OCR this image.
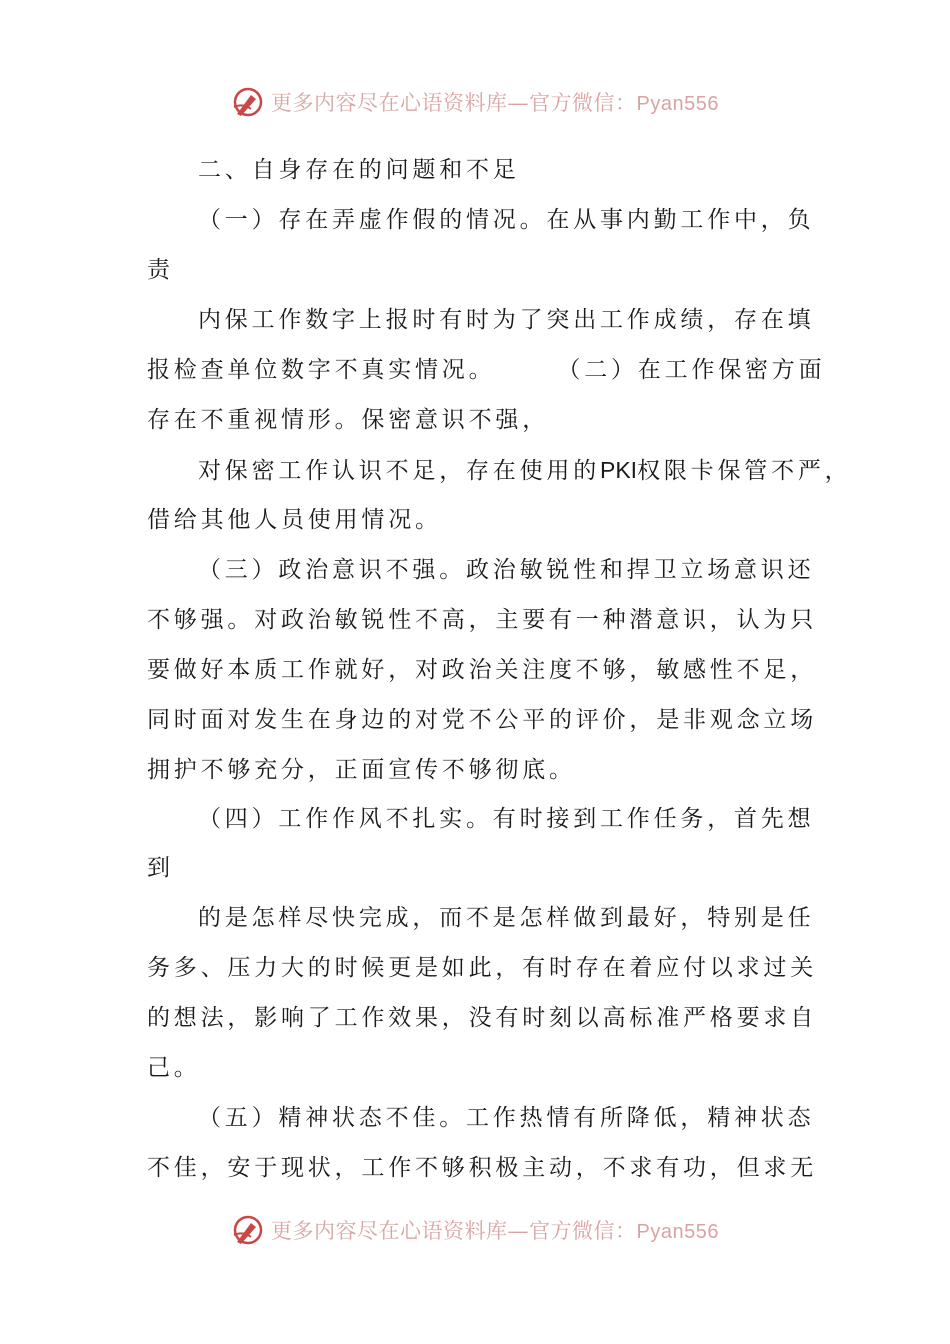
更多内容尽在心语资料库—官方微信：Pyan556
二、自身存在的问题和不足
（一）存在弄虚作假的情况。在从事内勤工作中，负
责
内保工作数字上报时有时为了突出工作成绩，存在填
报检查单位数字不真实情况。	（二）在工作保密方面
存在不重视情形。保密意识不强，
对保密工作认识不足，存在使用的PKI权限卡保管不严，
借给其他人员使用情况。
（三）政治意识不强。政治敏锐性和捍卫立场意识还
不够强。对政治敏锐性不高，主要有一种潜意识，认为只
要做好本质工作就好，对政治关注度不够，敏感性不足，
同时面对发生在身边的对党不公平的评价，是非观念立场
拥护不够充分，正面宣传不够彻底。
（四）工作作风不扎实。有时接到工作任务，首先想
到
的是怎样尽快完成，而不是怎样做到最好，特别是任
务多、压力大的时候更是如此，有时存在着应付以求过关
的想法，影响了工作效果，没有时刻以高标准严格要求自
己。
（五）精神状态不佳。工作热情有所降低，精神状态
不佳，安于现状，工作不够积极主动，不求有功，但求无
更多内容尽在心语资料库—官方微信：Pyan556
